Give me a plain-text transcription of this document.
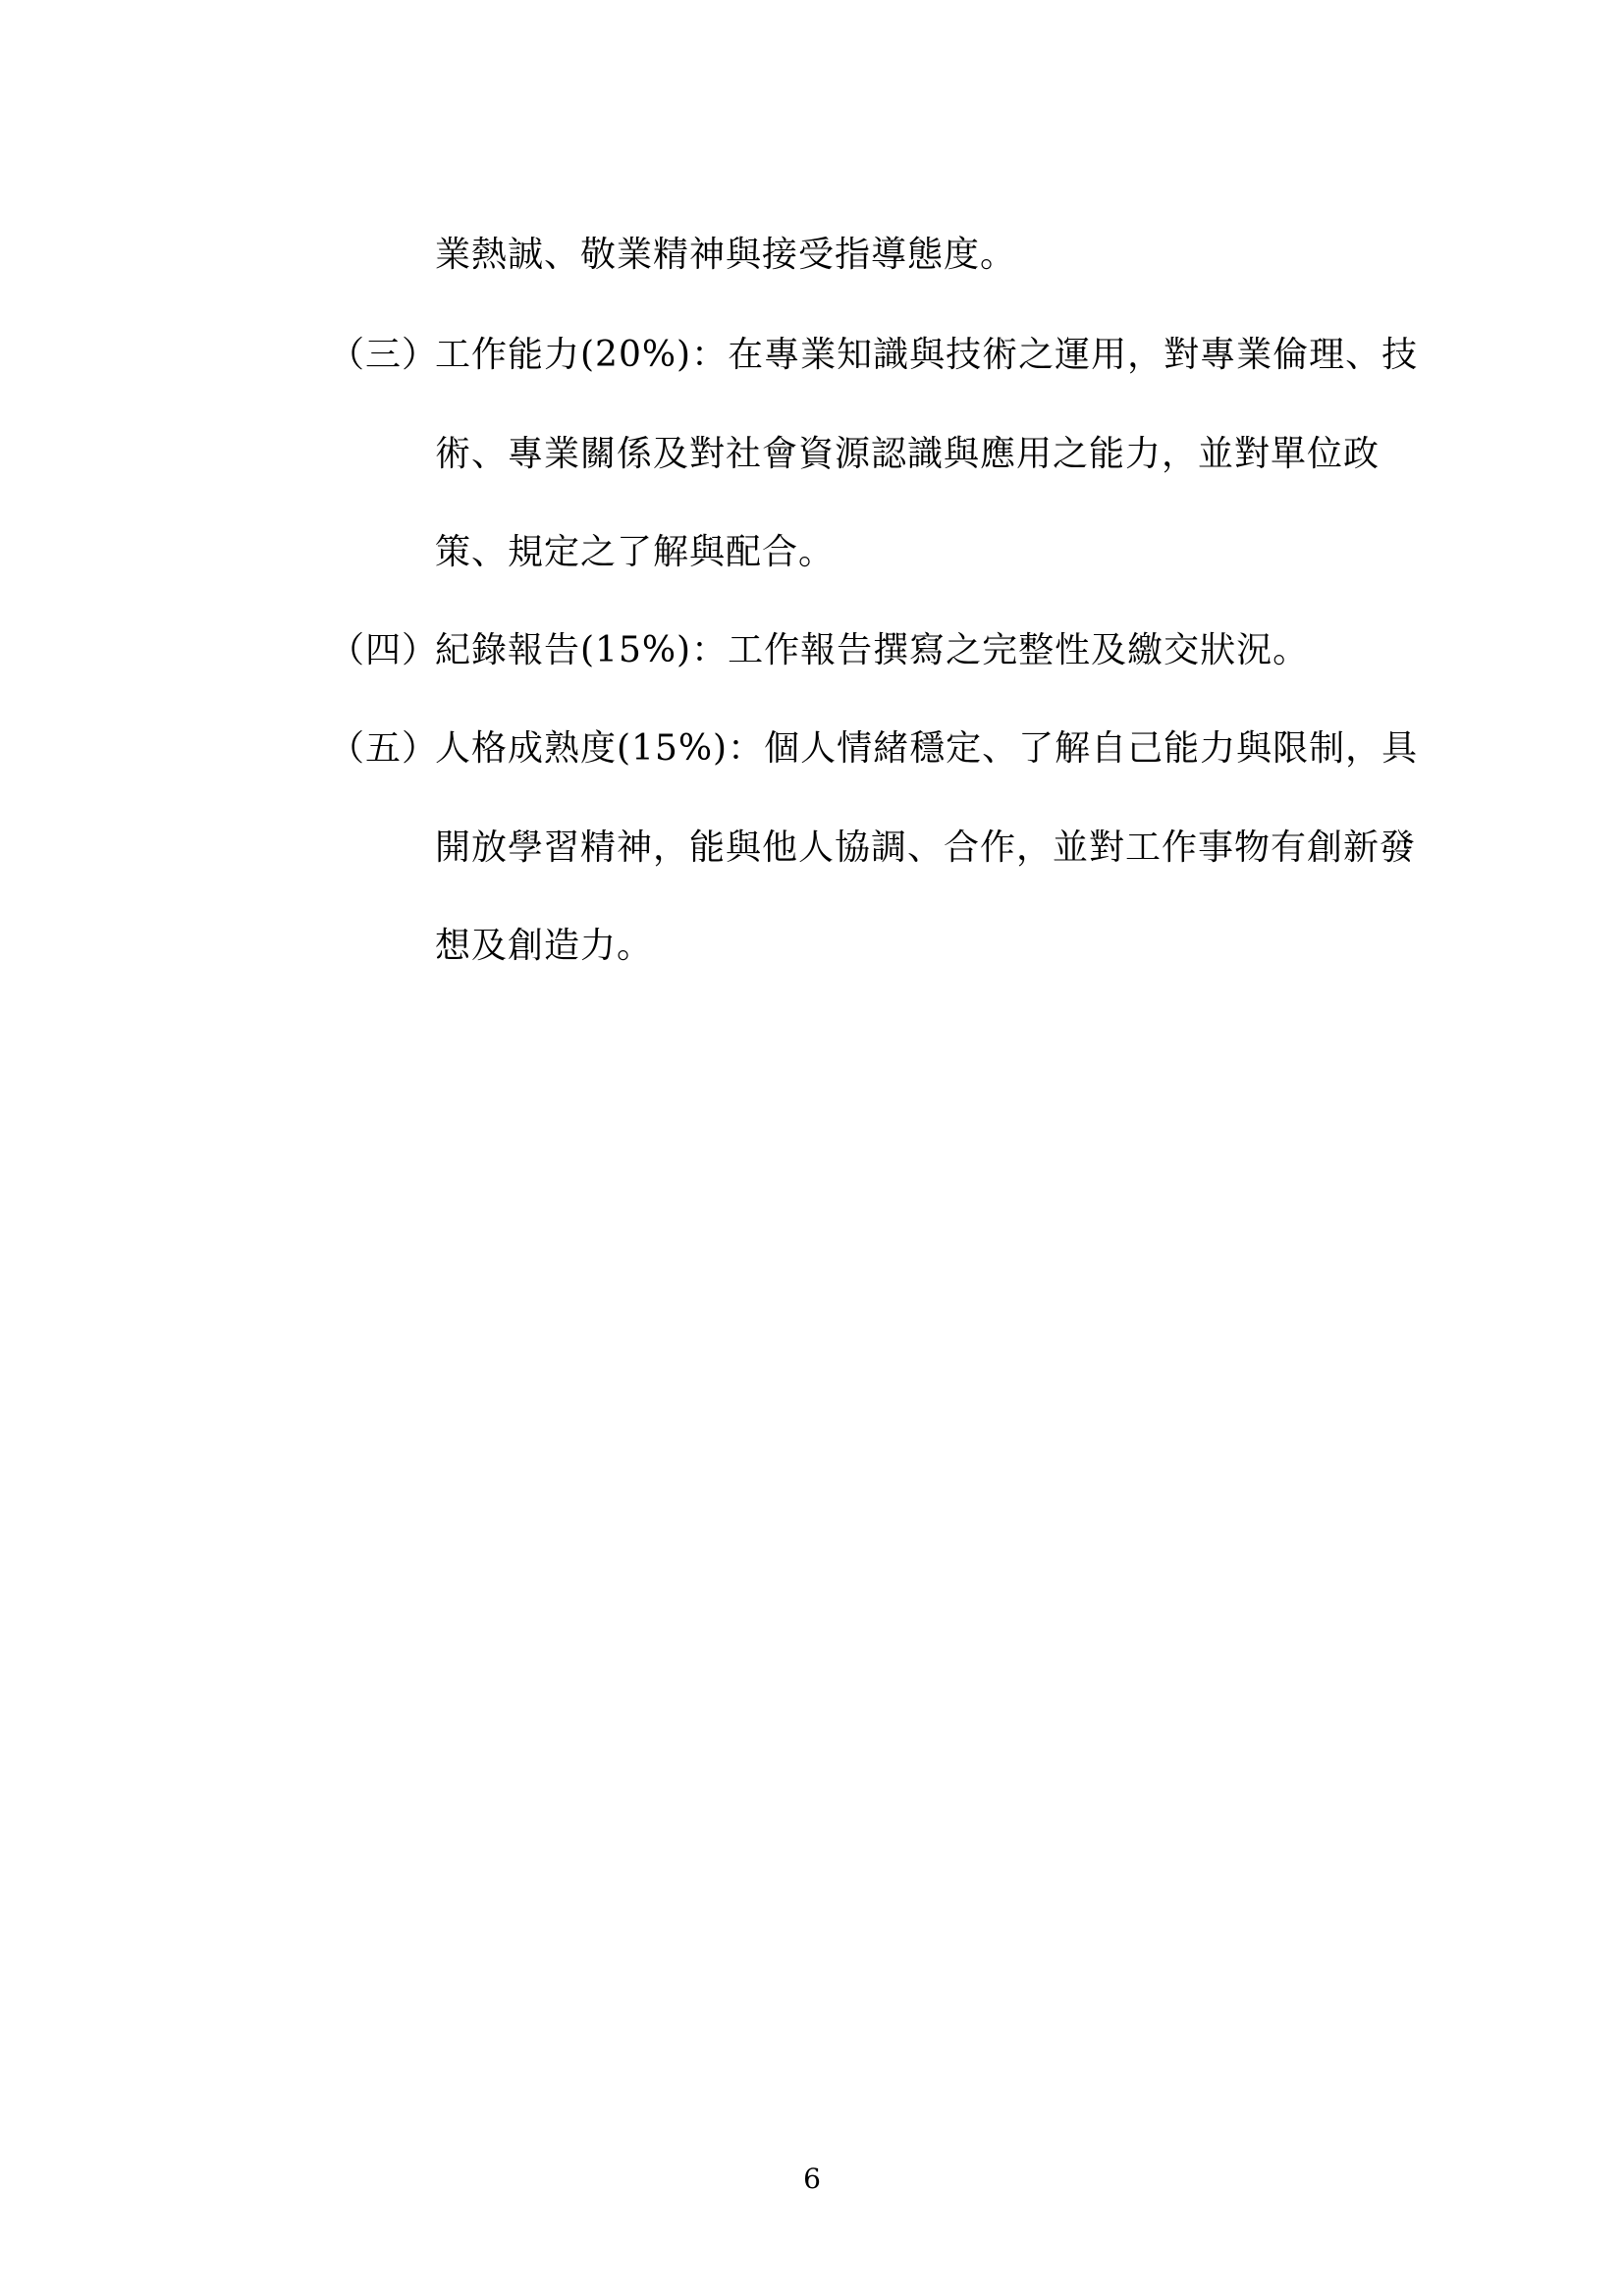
業熱誠、敬業精神與接受指導態度。
（三）
工作能力(20%)：在專業知識與技術之運用，對專業倫理、技
術、專業關係及對社會資源認識與應用之能力，並對單位政
策、規定之了解與配合。
（四）
紀錄報告(15%)：工作報告撰寫之完整性及繳交狀況。
（五）
人格成熟度(15%)：個人情緒穩定、了解自己能力與限制，具
開放學習精神，能與他人協調、合作，並對工作事物有創新發
想及創造力。
6
